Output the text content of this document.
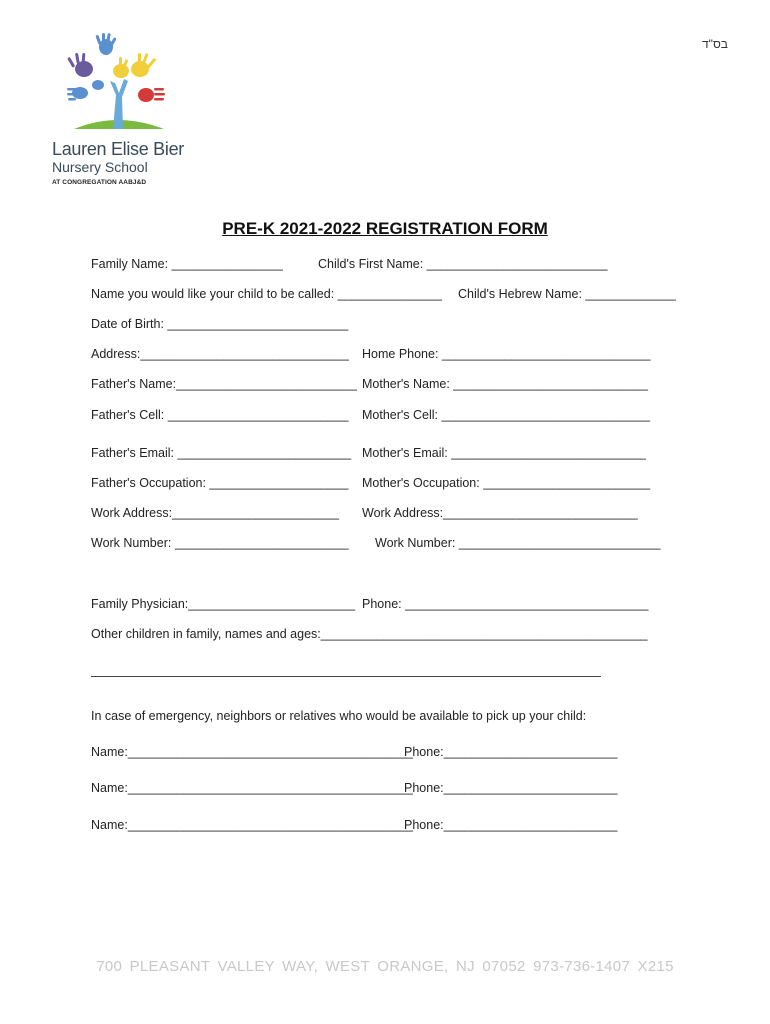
בס"ד
Lauren Elise Bier
Nursery School
AT CONGREGATION AABJ&D
PRE-K 2021-2022 REGISTRATION FORM
Family Name: ________________	Child's First Name: __________________________
Name you would like your child to be called: _______________ Child's Hebrew Name: _____________
Date of Birth: __________________________
Address:______________________________ Home Phone: ______________________________
Father's Name:__________________________ Mother's Name: ____________________________
Father's Cell: __________________________ Mother's Cell: ______________________________
Father's Email: _________________________ Mother's Email: ____________________________
Father's Occupation: ____________________ Mother's Occupation: ________________________
Work Address:________________________ Work Address:____________________________
Work Number: _________________________ Work Number: _____________________________
Family Physician:________________________ Phone: ___________________________________
Other children in family, names and ages:_______________________________________________
In case of emergency, neighbors or relatives who would be available to pick up your child:
Name:_________________________________________
Phone:_________________________
Name:_________________________________________
Phone:_________________________
Name:_________________________________________
Phone:_________________________
700 PLEASANT VALLEY WAY, WEST ORANGE, NJ 07052 973-736-1407 X215
